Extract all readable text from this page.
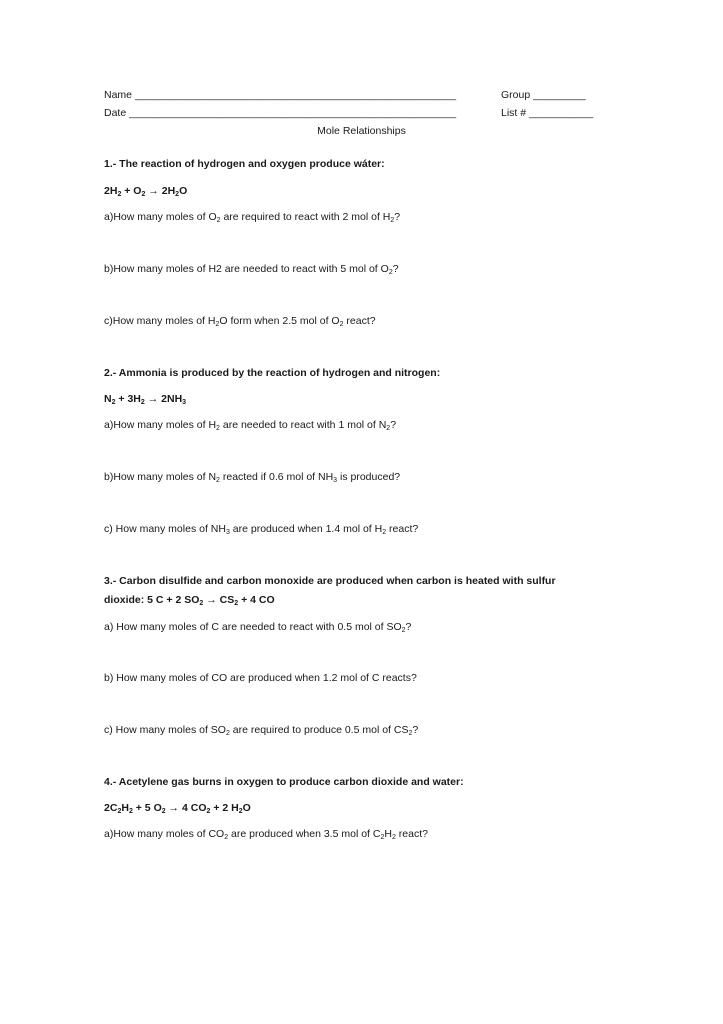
Name _______________________________________________________	Group _________
Date ________________________________________________________	List # ___________
Mole Relationships
1.- The reaction of hydrogen and oxygen produce wáter:
$2H_2 + O_2 \to 2H_2O$
a)How many moles of $O_2$ are required to react with 2 mol of $H_2$?
b)How many moles of H2 are needed to react with 5 mol of $O_2$?
c)How many moles of $H_2O$ form when 2.5 mol of $O_2$ react?
2.- Ammonia is produced by the reaction of hydrogen and nitrogen:
$N_2 + 3H_2 \to 2NH_3$
a)How many moles of $H_2$ are needed to react with 1 mol of $N_2$?
b)How many moles of $N_2$ reacted if 0.6 mol of $NH_3$ is produced?
c) How many moles of $NH_3$ are produced when 1.4 mol of $H_2$ react?
3.- Carbon disulfide and carbon monoxide are produced when carbon is heated with sulfur
dioxide: 5 C + 2 $SO_2 \to CS_2 + 4$ CO
a) How many moles of C are needed to react with 0.5 mol of $SO_2$?
b) How many moles of CO are produced when 1.2 mol of C reacts?
c) How many moles of $SO_2$ are required to produce 0.5 mol of $CS_2$?
4.- Acetylene gas burns in oxygen to produce carbon dioxide and water:
$2C_2H_2 + 5$ $O_2 \to 4$ $CO_2 + 2$ $H_2O$
a)How many moles of $CO_2$ are produced when 3.5 mol of $C_2H_2$ react?
